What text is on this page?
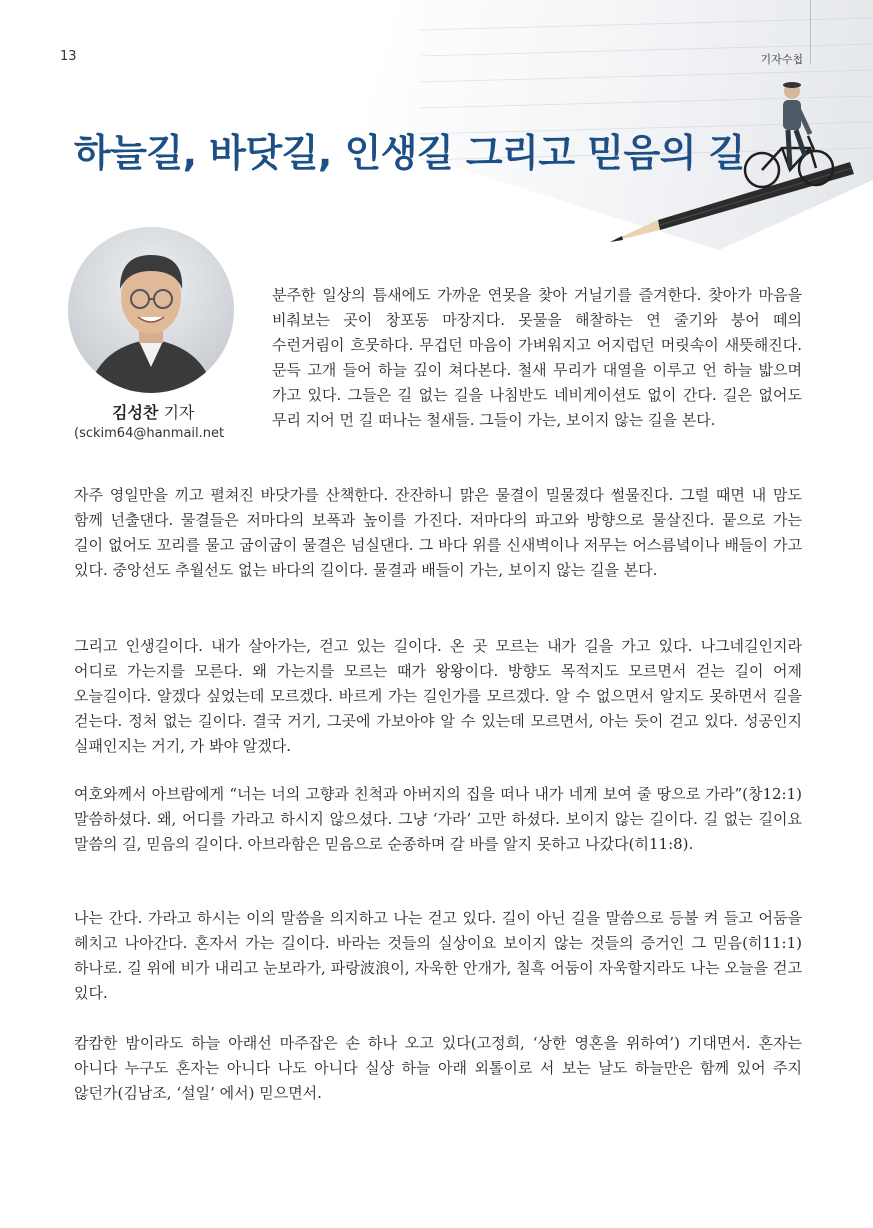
13	기자수첩
하늘길, 바닷길, 인생길 그리고 믿음의 길
김성찬 기자
(sckim64@hanmail.net

분주한 일상의 틈새에도 가까운 연못을 찾아 거닐기를 즐겨한다. 찾아가 마음을 비춰보는 곳이 창포동 마장지다. 못물을 해찰하는 연 줄기와 붕어 떼의 수런거림이 흐뭇하다. 무겁던 마음이 가벼워지고 어지럽던 머릿속이 새뜻해진다. 문득 고개 들어 하늘 깊이 쳐다본다. 철새 무리가 대열을 이루고 언 하늘 밟으며 가고 있다. 그들은 길 없는 길을 나침반도 네비게이션도 없이 간다. 길은 없어도 무리 지어 먼 길 떠나는 철새들. 그들이 가는, 보이지 않는 길을 본다.

자주 영일만을 끼고 펼쳐진 바닷가를 산책한다. 잔잔하니 맑은 물결이 밀물졌다 썰물진다. 그럴 때면 내 맘도 함께 넌출댄다. 물결들은 저마다의 보폭과 높이를 가진다. 저마다의 파고와 방향으로 물살진다. 뭍으로 가는 길이 없어도 꼬리를 물고 굽이굽이 물결은 넘실댄다. 그 바다 위를 신새벽이나 저무는 어스름녘이나 배들이 가고 있다. 중앙선도 추월선도 없는 바다의 길이다. 물결과 배들이 가는, 보이지 않는 길을 본다.

그리고 인생길이다. 내가 살아가는, 걷고 있는 길이다. 온 곳 모르는 내가 길을 가고 있다. 나그네길인지라 어디로 가는지를 모른다. 왜 가는지를 모르는 때가 왕왕이다. 방향도 목적지도 모르면서 걷는 길이 어제 오늘길이다. 알겠다 싶었는데 모르겠다. 바르게 가는 길인가를 모르겠다. 알 수 없으면서 알지도 못하면서 길을 걷는다. 정처 없는 길이다. 결국 거기, 그곳에 가보아야 알 수 있는데 모르면서, 아는 듯이 걷고 있다. 성공인지 실패인지는 거기, 가 봐야 알겠다.

여호와께서 아브람에게 “너는 너의 고향과 친척과 아버지의 집을 떠나 내가 네게 보여 줄 땅으로 가라”(창12:1) 말씀하셨다. 왜, 어디를 가라고 하시지 않으셨다. 그냥 ‘가라’ 고만 하셨다. 보이지 않는 길이다. 길 없는 길이요 말씀의 길, 믿음의 길이다. 아브라함은 믿음으로 순종하며 갈 바를 알지 못하고 나갔다(히11:8).

나는 간다. 가라고 하시는 이의 말씀을 의지하고 나는 걷고 있다. 길이 아닌 길을 말씀으로 등불 켜 들고 어둠을 헤치고 나아간다. 혼자서 가는 길이다. 바라는 것들의 실상이요 보이지 않는 것들의 증거인 그 믿음(히11:1) 하나로. 길 위에 비가 내리고 눈보라가, 파랑波浪이, 자욱한 안개가, 칠흑 어둠이 자욱할지라도 나는 오늘을 걷고 있다.

캄캄한 밤이라도 하늘 아래선 마주잡은 손 하나 오고 있다(고정희, ‘상한 영혼을 위하여’) 기대면서. 혼자는 아니다 누구도 혼자는 아니다 나도 아니다 실상 하늘 아래 외톨이로 서 보는 날도 하늘만은 함께 있어 주지 않던가(김남조, ‘설일’ 에서) 믿으면서.
